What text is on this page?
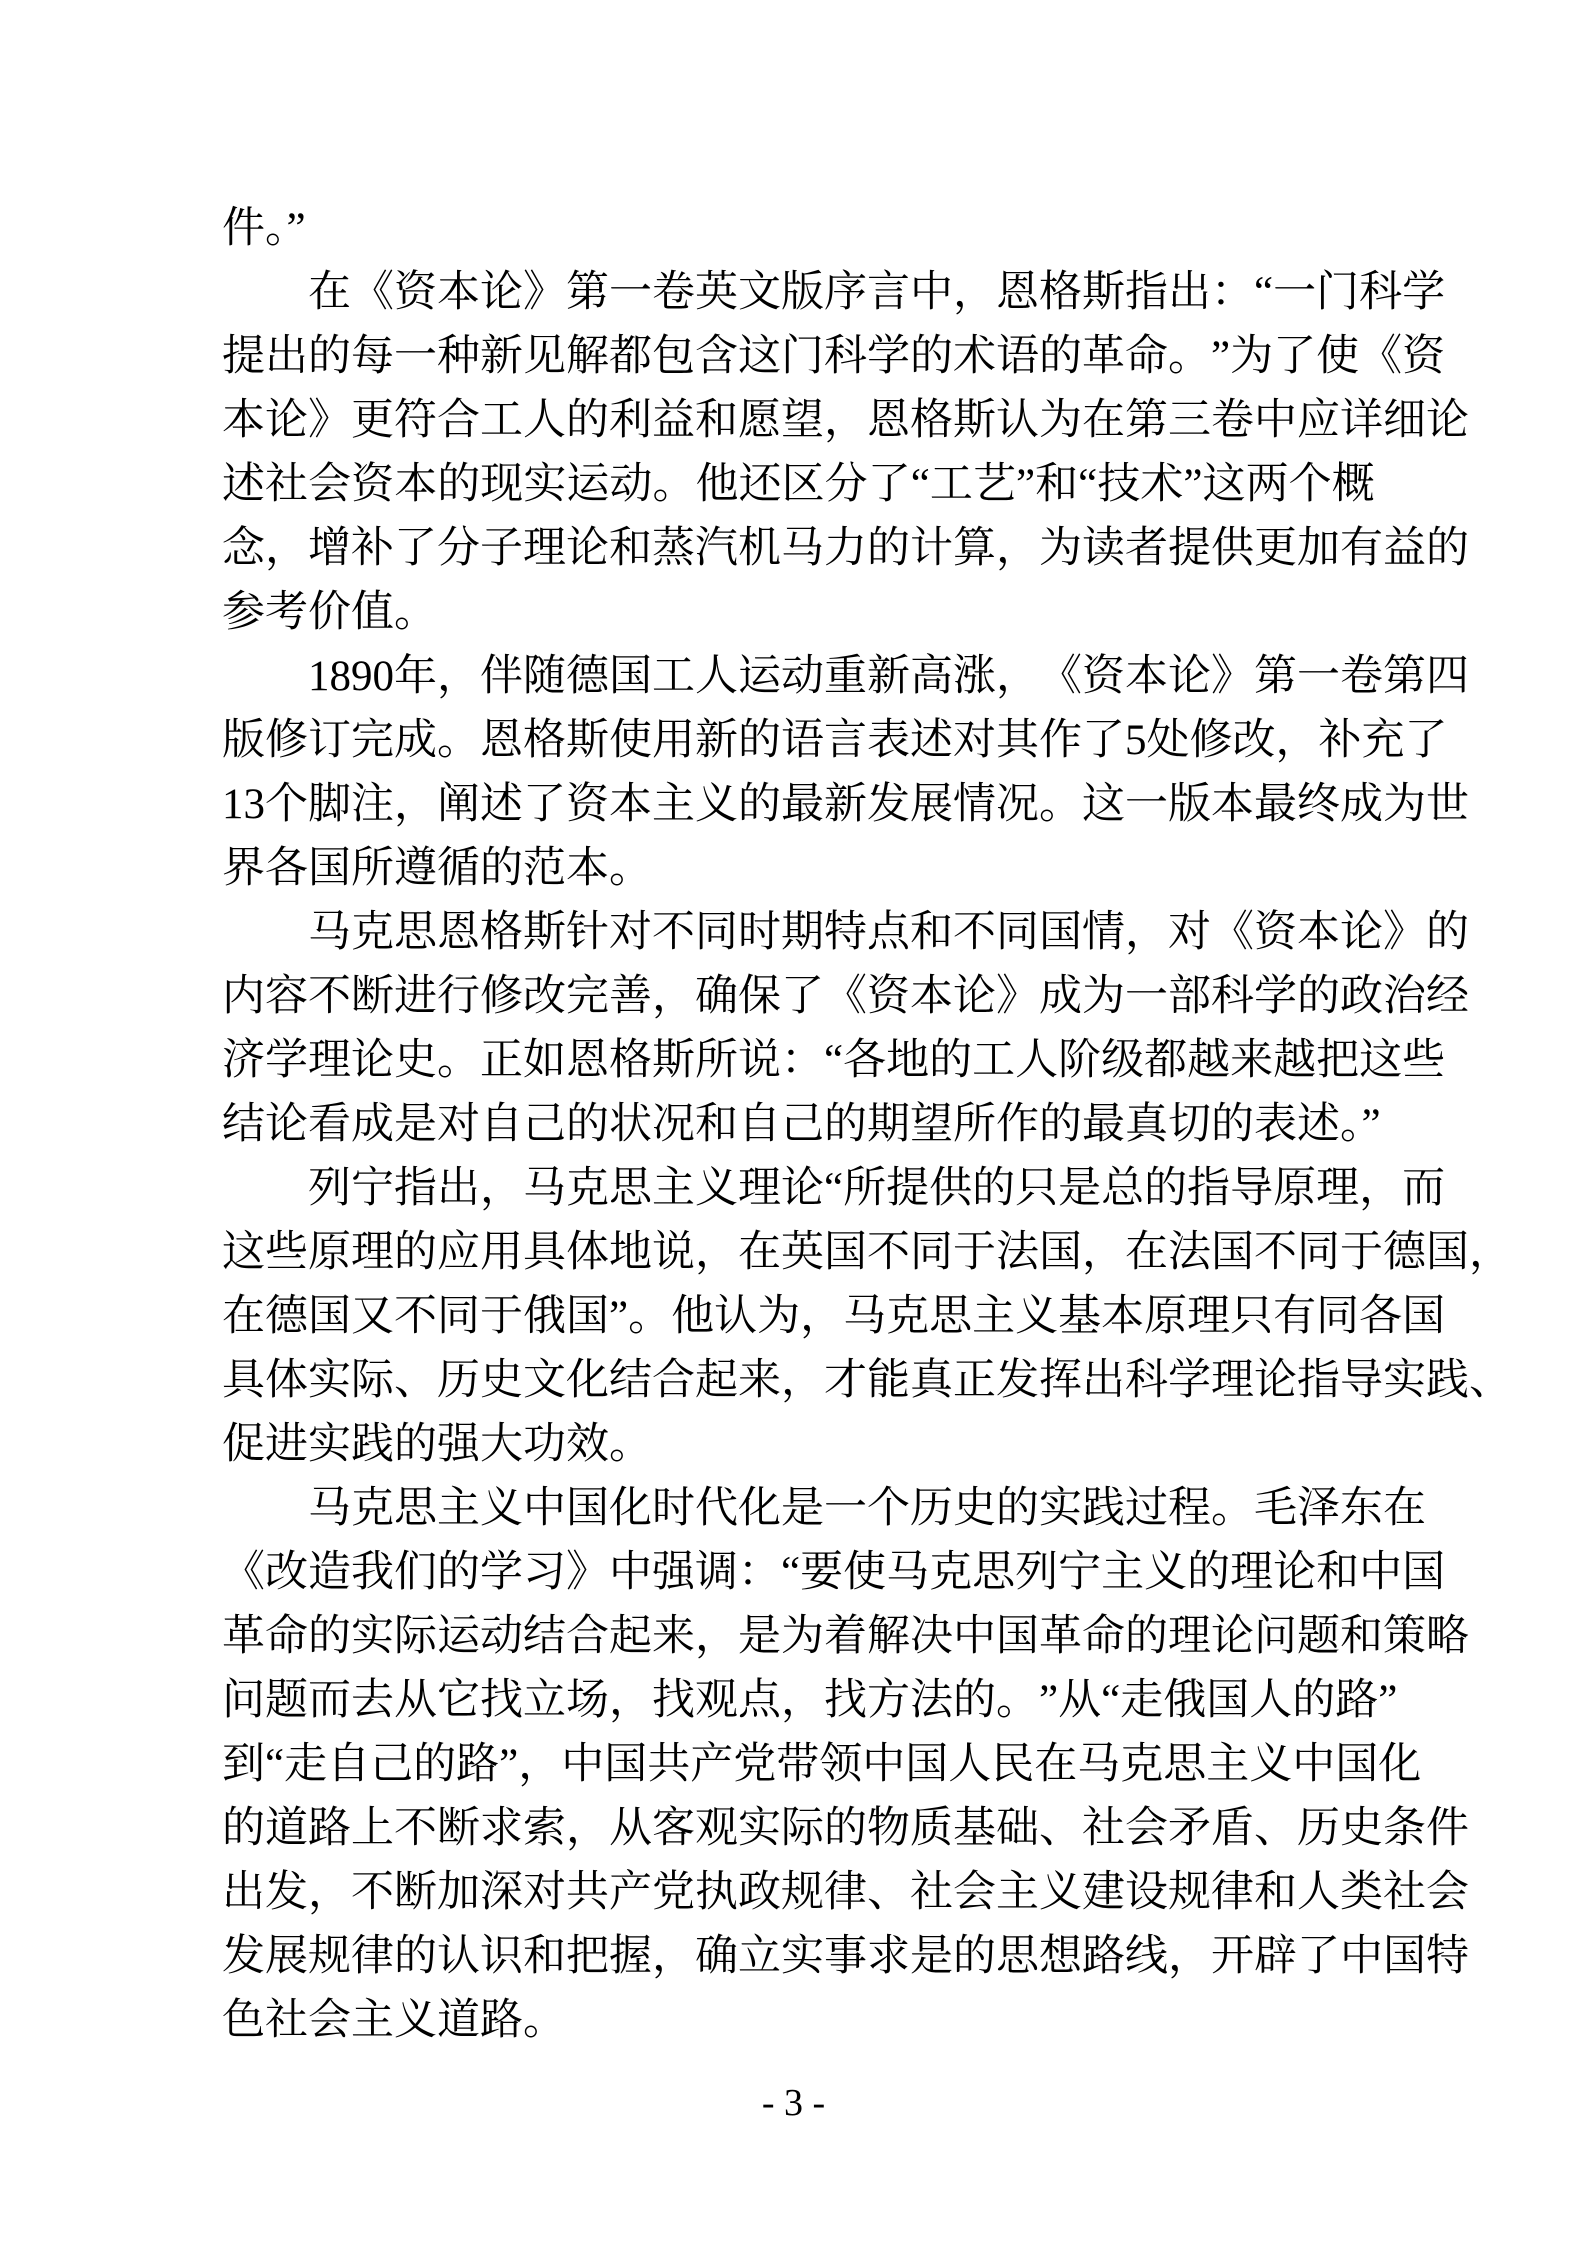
件。”
在 《 资 本 论 》 第 一 卷 英 文 版 序 言 中 ， 恩 格 斯 指 出 ： “ 一 门 科 学
提 出 的 每 一 种 新 见 解 都 包 含 这 门 科 学 的 术 语 的 革 命 。 ” 为 了 使 《 资
本 论 》 更 符 合 工 人 的 利 益 和 愿 望 ， 恩 格 斯 认 为 在 第 三 卷 中 应 详 细 论
述 社 会 资 本 的 现 实 运 动 。 他 还 区 分 了 “ 工 艺 ” 和 “ 技 术 ” 这 两 个 概
念 ， 增 补 了 分 子 理 论 和 蒸 汽 机 马 力 的 计 算 ， 为 读 者 提 供 更 加 有 益 的
参考价值。
1890 年 ， 伴 随 德 国 工 人 运 动 重 新 高 涨 ， 《 资 本 论 》 第 一 卷 第 四
版 修 订 完 成 。 恩 格 斯 使 用 新 的 语 言 表 述 对 其 作 了 5 处 修 改 ， 补 充 了
13 个 脚 注 ， 阐 述 了 资 本 主 义 的 最 新 发 展 情 况 。 这 一 版 本 最 终 成 为 世
界各国所遵循的范本。
马 克 思 恩 格 斯 针 对 不 同 时 期 特 点 和 不 同 国 情 ， 对 《 资 本 论 》 的
内 容 不 断 进 行 修 改 完 善 ， 确 保 了 《 资 本 论 》 成 为 一 部 科 学 的 政 治 经
济 学 理 论 史 。 正 如 恩 格 斯 所 说 ： “ 各 地 的 工 人 阶 级 都 越 来 越 把 这 些
结论看成是对自己的状况和自己的期望所作的最真切的表述。”
列 宁 指 出 ， 马 克 思 主 义 理 论 “ 所 提 供 的 只 是 总 的 指 导 原 理 ， 而
这 些 原 理 的 应 用 具 体 地 说 ， 在 英 国 不 同 于 法 国 ， 在 法 国 不 同 于 德 国 ，
在 德 国 又 不 同 于 俄 国 ” 。 他 认 为 ， 马 克 思 主 义 基 本 原 理 只 有 同 各 国
具 体 实 际 、 历 史 文 化 结 合 起 来 ， 才 能 真 正 发 挥 出 科 学 理 论 指 导 实 践 、
促进实践的强大功效。
马 克 思 主 义 中 国 化 时 代 化 是 一 个 历 史 的 实 践 过 程 。 毛 泽 东 在
《 改 造 我 们 的 学 习 》 中 强 调 ： “ 要 使 马 克 思 列 宁 主 义 的 理 论 和 中 国
革 命 的 实 际 运 动 结 合 起 来 ， 是 为 着 解 决 中 国 革 命 的 理 论 问 题 和 策 略
问 题 而 去 从 它 找 立 场 ， 找 观 点 ， 找 方 法 的 。 ” 从 “ 走 俄 国 人 的 路 ”
到 “ 走 自 己 的 路 ” ， 中 国 共 产 党 带 领 中 国 人 民 在 马 克 思 主 义 中 国 化
的 道 路 上 不 断 求 索 ， 从 客 观 实 际 的 物 质 基 础 、 社 会 矛 盾 、 历 史 条 件
出 发 ， 不 断 加 深 对 共 产 党 执 政 规 律 、 社 会 主 义 建 设 规 律 和 人 类 社 会
发 展 规 律 的 认 识 和 把 握 ， 确 立 实 事 求 是 的 思 想 路 线 ， 开 辟 了 中 国 特
色社会主义道路。
- 3 -
